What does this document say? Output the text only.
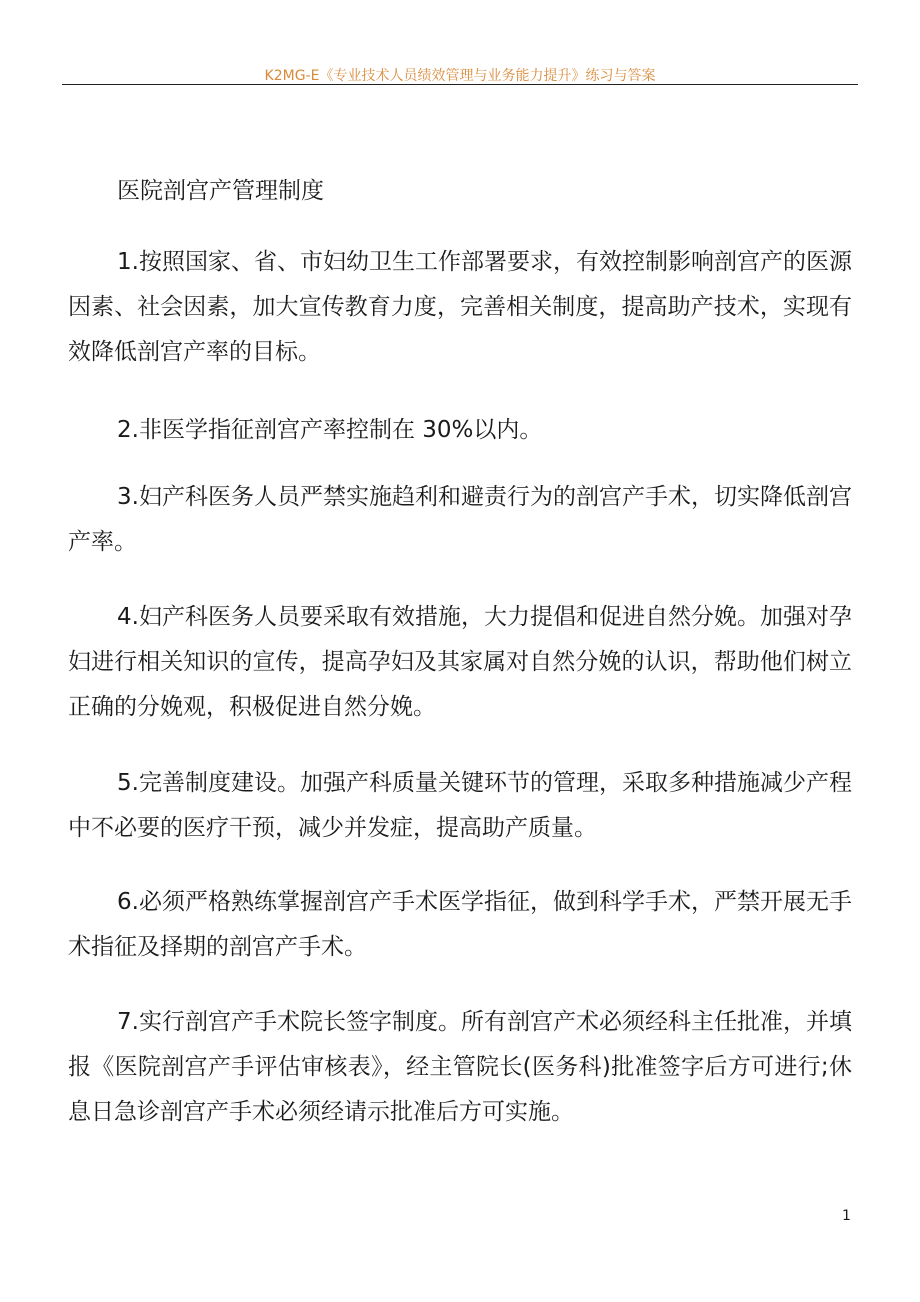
K2MG-E《专业技术人员绩效管理与业务能力提升》练习与答案
医院剖宫产管理制度

1.按照国家、省、市妇幼卫生工作部署要求，有效控制影响剖宫产的医源因素、社会因素，加大宣传教育力度，完善相关制度，提高助产技术，实现有效降低剖宫产率的目标。

2.非医学指征剖宫产率控制在 30%以内。

3.妇产科医务人员严禁实施趋利和避责行为的剖宫产手术，切实降低剖宫产率。

4.妇产科医务人员要采取有效措施，大力提倡和促进自然分娩。加强对孕妇进行相关知识的宣传，提高孕妇及其家属对自然分娩的认识，帮助他们树立正确的分娩观，积极促进自然分娩。

5.完善制度建设。加强产科质量关键环节的管理，采取多种措施减少产程中不必要的医疗干预，减少并发症，提高助产质量。

6.必须严格熟练掌握剖宫产手术医学指征，做到科学手术，严禁开展无手术指征及择期的剖宫产手术。

7.实行剖宫产手术院长签字制度。所有剖宫产术必须经科主任批准，并填报《医院剖宫产手评估审核表》，经主管院长(医务科)批准签字后方可进行;休息日急诊剖宫产手术必须经请示批准后方可实施。

1
